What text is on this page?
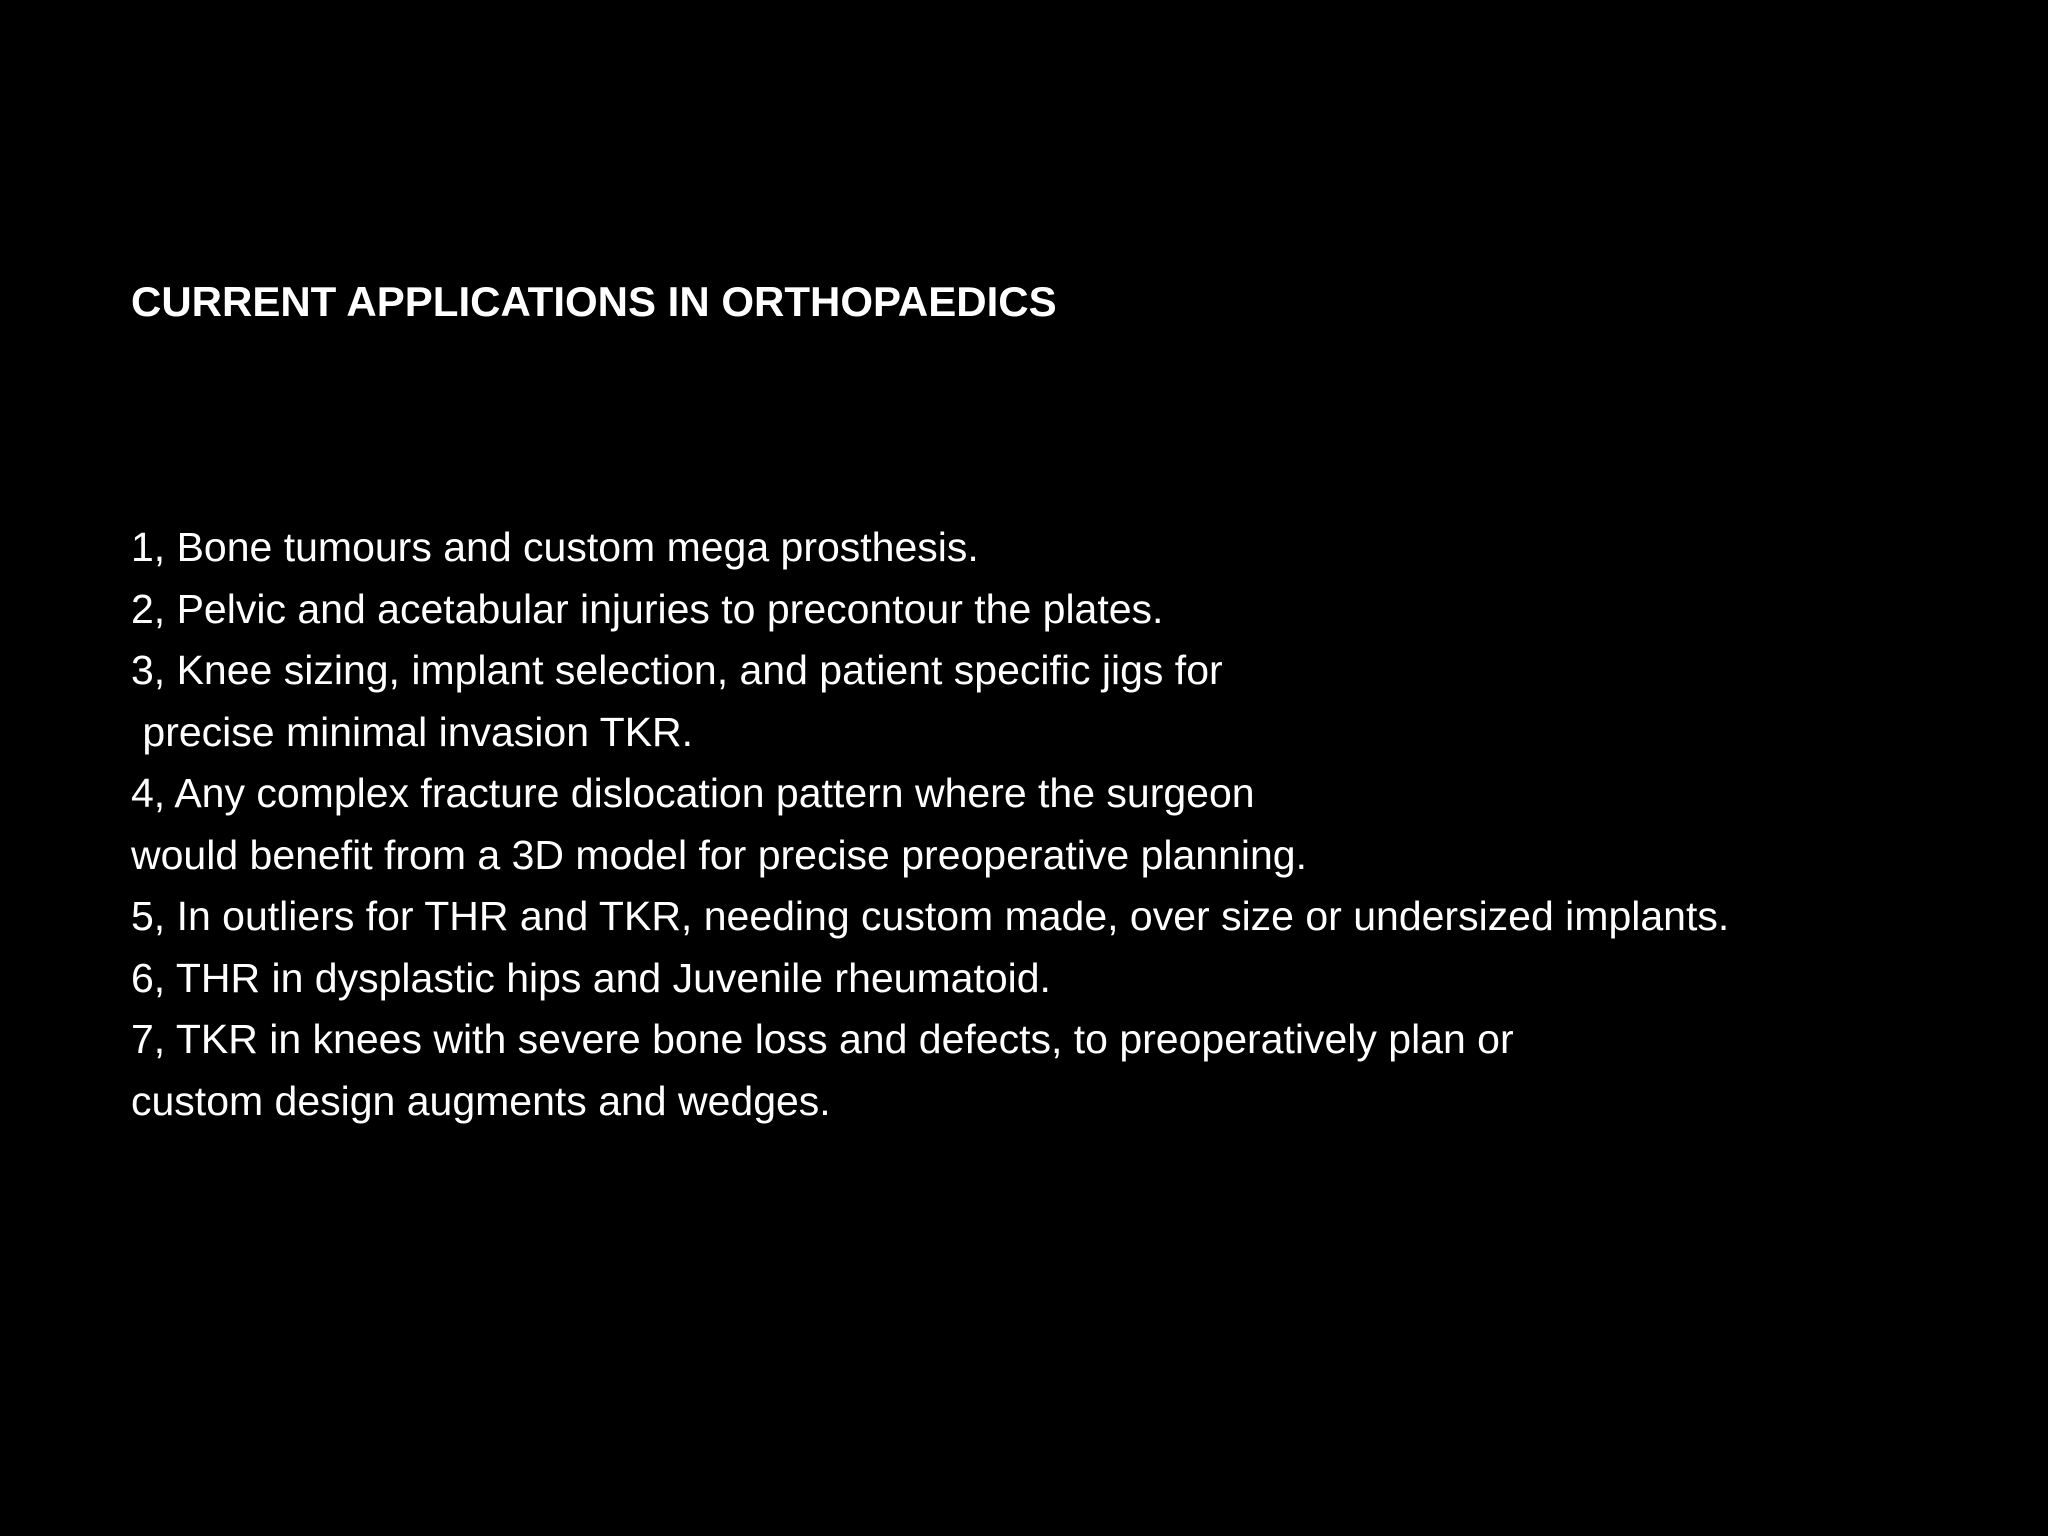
CURRENT APPLICATIONS IN ORTHOPAEDICS
1, Bone tumours and custom mega prosthesis.
2, Pelvic and acetabular injuries to precontour the plates.
3, Knee sizing, implant selection, and patient specific jigs for
precise minimal invasion TKR.
4, Any complex fracture dislocation pattern where the surgeon
would benefit from a 3D model for precise preoperative planning.
5, In outliers for THR and TKR, needing custom made, over size or undersized implants.
6, THR in dysplastic hips and Juvenile rheumatoid.
7, TKR in knees with severe bone loss and defects, to preoperatively plan or
custom design augments and wedges.
